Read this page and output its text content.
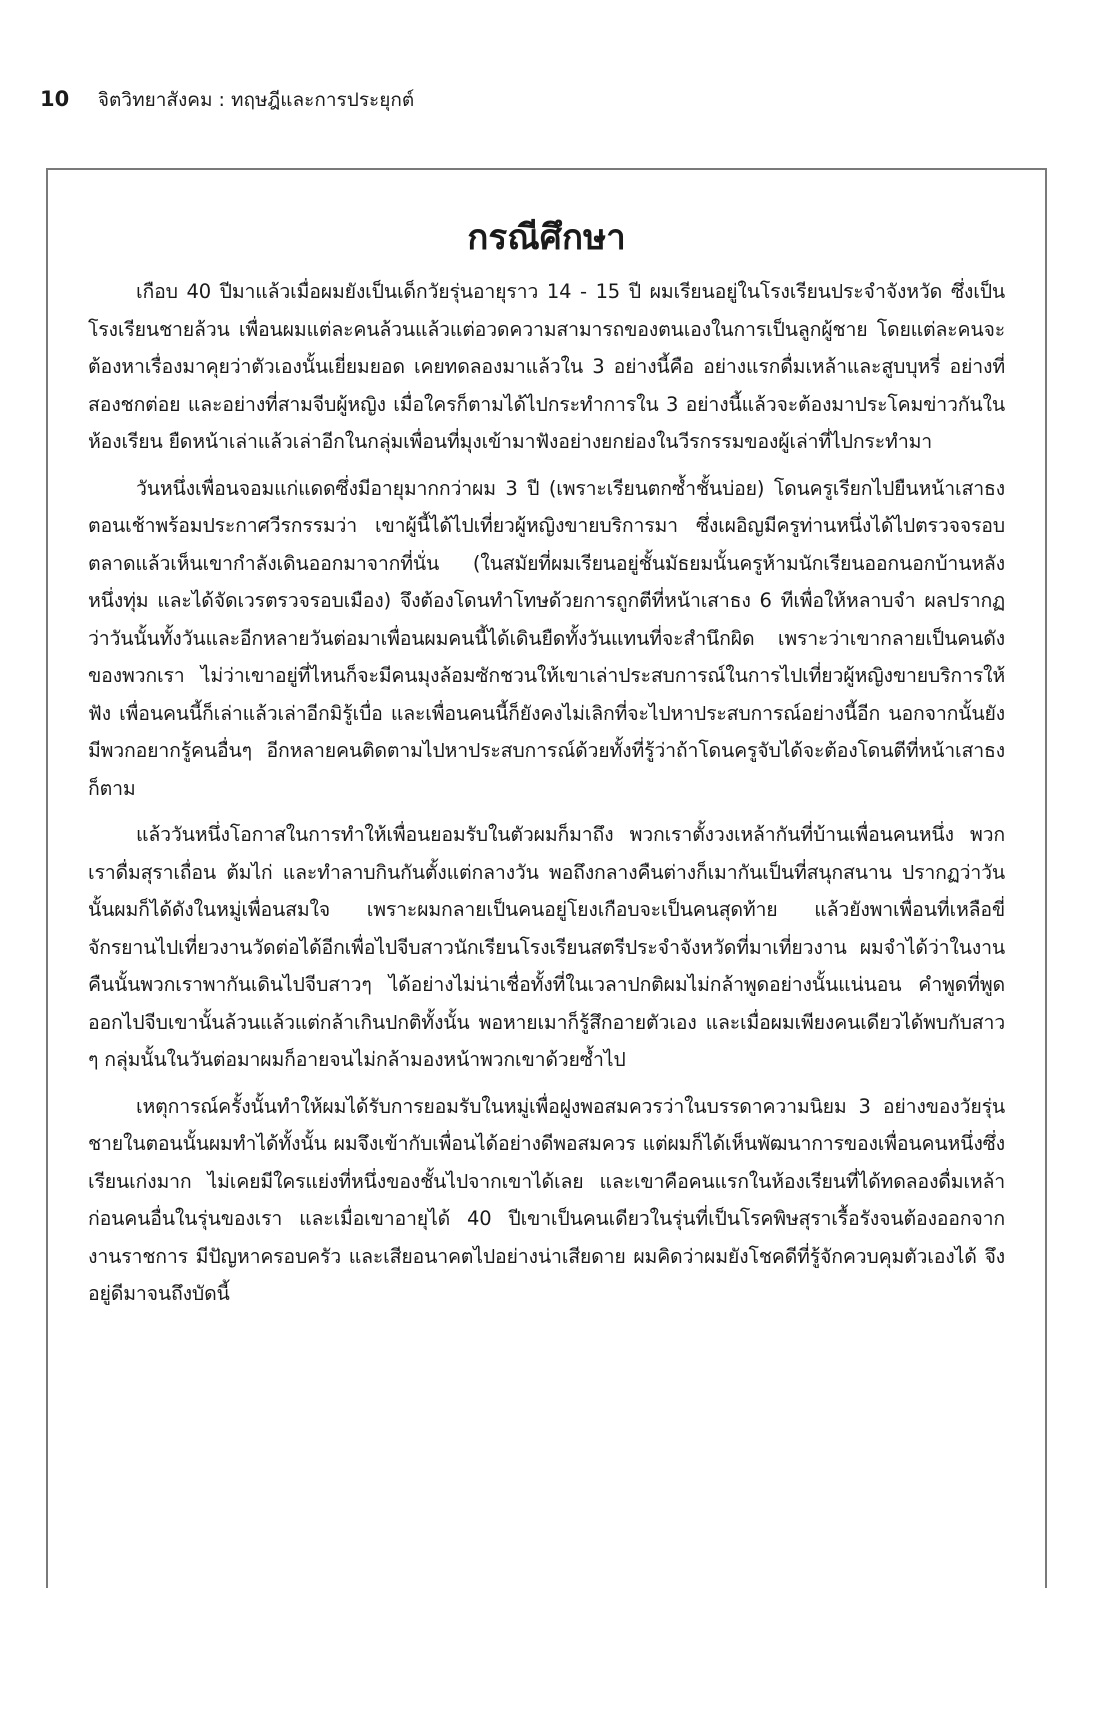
10 จิตวิทยาสังคม : ทฤษฎีและการประยุกต์
กรณีศึกษา

เกือบ 40 ปีมาแล้วเมื่อผมยังเป็นเด็กวัยรุ่นอายุราว 14 - 15 ปี ผมเรียนอยู่ในโรงเรียนประจำจังหวัด ซึ่งเป็นโรงเรียนชายล้วน เพื่อนผมแต่ละคนล้วนแล้วแต่อวดความสามารถของตนเองในการเป็นลูกผู้ชาย โดยแต่ละคนจะต้องหาเรื่องมาคุยว่าตัวเองนั้นเยี่ยมยอด เคยทดลองมาแล้วใน 3 อย่างนี้คือ อย่างแรกดื่มเหล้าและสูบบุหรี่ อย่างที่สองชกต่อย และอย่างที่สามจีบผู้หญิง เมื่อใครก็ตามได้ไปกระทำการใน 3 อย่างนี้แล้วจะต้องมาประโคมข่าวกันในห้องเรียน ยืดหน้าเล่าแล้วเล่าอีกในกลุ่มเพื่อนที่มุงเข้ามาฟังอย่างยกย่องในวีรกรรมของผู้เล่าที่ไปกระทำมา

วันหนึ่งเพื่อนจอมแก่แดดซึ่งมีอายุมากกว่าผม 3 ปี (เพราะเรียนตกซ้ำชั้นบ่อย) โดนครูเรียกไปยืนหน้าเสาธงตอนเช้าพร้อมประกาศวีรกรรมว่า เขาผู้นี้ได้ไปเที่ยวผู้หญิงขายบริการมา ซึ่งเผอิญมีครูท่านหนึ่งได้ไปตรวจจรอบตลาดแล้วเห็นเขากำลังเดินออกมาจากที่นั่น (ในสมัยที่ผมเรียนอยู่ชั้นมัธยมนั้นครูห้ามนักเรียนออกนอกบ้านหลังหนึ่งทุ่ม และได้จัดเวรตรวจรอบเมือง) จึงต้องโดนทำโทษด้วยการถูกตีที่หน้าเสาธง 6 ทีเพื่อให้หลาบจำ ผลปรากฏว่าวันนั้นทั้งวันและอีกหลายวันต่อมาเพื่อนผมคนนี้ได้เดินยืดทั้งวันแทนที่จะสำนึกผิด เพราะว่าเขากลายเป็นคนดังของพวกเรา ไม่ว่าเขาอยู่ที่ไหนก็จะมีคนมุงล้อมซักชวนให้เขาเล่าประสบการณ์ในการไปเที่ยวผู้หญิงขายบริการให้ฟัง เพื่อนคนนี้ก็เล่าแล้วเล่าอีกมิรู้เบื่อ และเพื่อนคนนี้ก็ยังคงไม่เลิกที่จะไปหาประสบการณ์อย่างนี้อีก นอกจากนั้นยังมีพวกอยากรู้คนอื่นๆ อีกหลายคนติดตามไปหาประสบการณ์ด้วยทั้งที่รู้ว่าถ้าโดนครูจับได้จะต้องโดนตีที่หน้าเสาธงก็ตาม

แล้ววันหนึ่งโอกาสในการทำให้เพื่อนยอมรับในตัวผมก็มาถึง พวกเราตั้งวงเหล้ากันที่บ้านเพื่อนคนหนึ่ง พวกเราดื่มสุราเถื่อน ต้มไก่ และทำลาบกินกันตั้งแต่กลางวัน พอถึงกลางคืนต่างก็เมากันเป็นที่สนุกสนาน ปรากฏว่าวันนั้นผมก็ได้ดังในหมู่เพื่อนสมใจ เพราะผมกลายเป็นคนอยู่โยงเกือบจะเป็นคนสุดท้าย แล้วยังพาเพื่อนที่เหลือขี่จักรยานไปเที่ยวงานวัดต่อได้อีกเพื่อไปจีบสาวนักเรียนโรงเรียนสตรีประจำจังหวัดที่มาเที่ยวงาน ผมจำได้ว่าในงานคืนนั้นพวกเราพากันเดินไปจีบสาวๆ ได้อย่างไม่น่าเชื่อทั้งที่ในเวลาปกติผมไม่กล้าพูดอย่างนั้นแน่นอน คำพูดที่พูดออกไปจีบเขานั้นล้วนแล้วแต่กล้าเกินปกติทั้งนั้น พอหายเมาก็รู้สึกอายตัวเอง และเมื่อผมเพียงคนเดียวได้พบกับสาว ๆ กลุ่มนั้นในวันต่อมาผมก็อายจนไม่กล้ามองหน้าพวกเขาด้วยซ้ำไป

เหตุการณ์ครั้งนั้นทำให้ผมได้รับการยอมรับในหมู่เพื่อฝูงพอสมควรว่าในบรรดาความนิยม 3 อย่างของวัยรุ่นชายในตอนนั้นผมทำได้ทั้งนั้น ผมจึงเข้ากับเพื่อนได้อย่างดีพอสมควร แต่ผมก็ได้เห็นพัฒนาการของเพื่อนคนหนึ่งซึ่งเรียนเก่งมาก ไม่เคยมีใครแย่งที่หนึ่งของชั้นไปจากเขาได้เลย และเขาคือคนแรกในห้องเรียนที่ได้ทดลองดื่มเหล้าก่อนคนอื่นในรุ่นของเรา และเมื่อเขาอายุได้ 40 ปีเขาเป็นคนเดียวในรุ่นที่เป็นโรคพิษสุราเรื้อรังจนต้องออกจากงานราชการ มีปัญหาครอบครัว และเสียอนาคตไปอย่างน่าเสียดาย ผมคิดว่าผมยังโชคดีที่รู้จักควบคุมตัวเองได้ จึงอยู่ดีมาจนถึงบัดนี้
